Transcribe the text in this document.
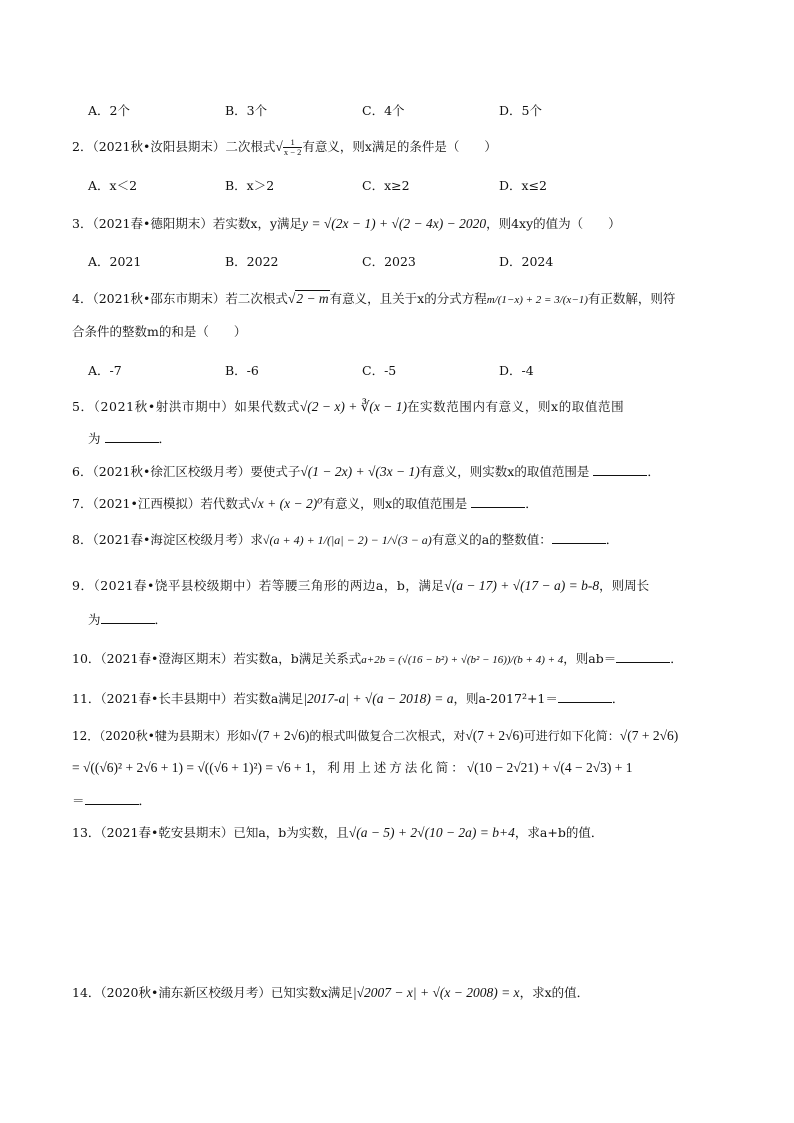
A．2个	B．3个	C．4个	D．5个
2．（2021秋•汝阳县期末）二次根式√ $\frac{1}{x - 2}$ 有意义，则x满足的条件是（　　）
A．x＜2	B．x＞2	C．x≥2	D．x≤2
3．（2021春•德阳期末）若实数x，y满足y = √(2x − 1) + √(2 − 4x) − 2020，则4xy的值为（　　）
A．2021	B．2022	C．2023	D．2024
4．（2021秋•邵东市期末）若二次根式√2 − m有意义，且关于x的分式方程m/(1−x) + 2 = 3/(x−1)有正数解，则符
合条件的整数m的和是（　　）
A．-7	B．-6	C．-5	D．-4
5．（2021秋•射洪市期中）如果代数式√(2 − x) + ∛(x − 1)在实数范围内有意义，则x的取值范围
为	．
6．（2021秋•徐汇区校级月考）要使式子√(1 − 2x) + √(3x − 1)有意义，则实数x的取值范围是	．
7．（2021•江西模拟）若代数式√x + (x − 2)⁰有意义，则x的取值范围是	．
8．（2021春•海淀区校级月考）求√(a + 4) + 1/(|a| − 2) − 1/√(3 − a)有意义的a的整数值：	．
9．（2021春•饶平县校级期中）若等腰三角形的两边a，b，满足√(a − 17) + √(17 − a) = b-8，则周长
为	．
10．（2021春•澄海区期末）若实数a，b满足关系式a+2b = (√(16 − b²) + √(b² − 16))/(b + 4) + 4，则ab＝	．
11．（2021春•长丰县期中）若实数a满足|2017-a| + √(a − 2018) = a，则a-2017²+1＝	．
12．（2020秋•犍为县期末）形如√(7 + 2√6)的根式叫做复合二次根式，对√(7 + 2√6)可进行如下化简：√(7 + 2√6)
= √((√6)² + 2√6 + 1) = √((√6 + 1)²) = √6 + 1，利用上述方法化简：√(10 − 2√21) + √(4 − 2√3) + 1
＝	．
13．（2021春•乾安县期末）已知a，b为实数，且√(a − 5) + 2√(10 − 2a) = b+4，求a+b的值．
14．（2020秋•浦东新区校级月考）已知实数x满足|√2007 − x| + √(x − 2008) = x，求x的值．
